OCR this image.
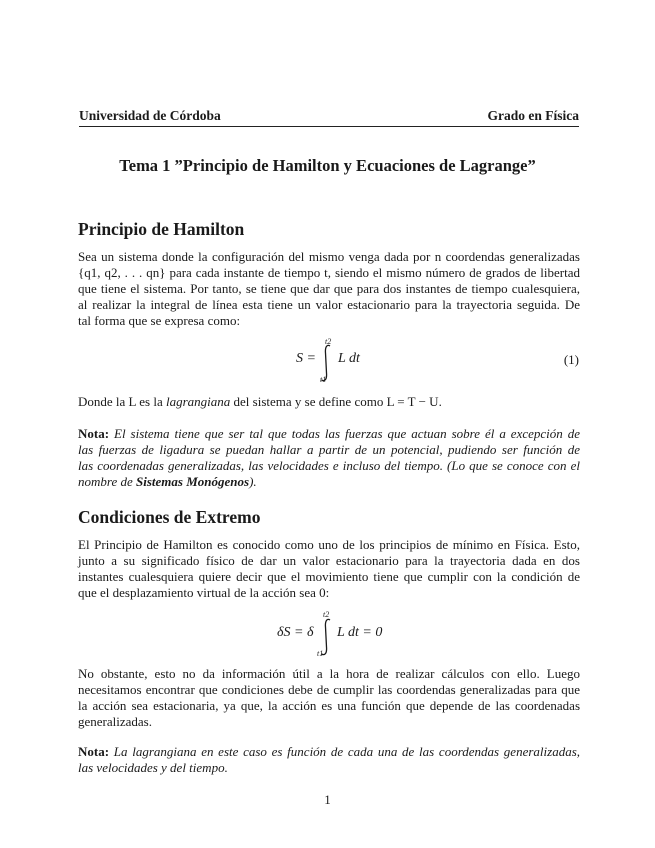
Universidad de Córdoba	Grado en Física
Tema 1 ”Principio de Hamilton y Ecuaciones de Lagrange”
Principio de Hamilton
Sea un sistema donde la configuración del mismo venga dada por n coordendas generalizadas
{q1, q2, . . . qn} para cada instante de tiempo t, siendo el mismo número de grados de libertad
que tiene el sistema. Por tanto, se tiene que dar que para dos instantes de tiempo cualesquiera,
al realizar la integral de línea esta tiene un valor estacionario para la trayectoria seguida. De
tal forma que se expresa como:
S =
t2
t1
L dt	(1)
Donde la L es la lagrangiana del sistema y se define como L = T − U.
Nota: El sistema tiene que ser tal que todas las fuerzas que actuan sobre él a excepción de
las fuerzas de ligadura se puedan hallar a partir de un potencial, pudiendo ser función de
las coordenadas generalizadas, las velocidades e incluso del tiempo. (Lo que se conoce con el
nombre de Sistemas Monógenos).
Condiciones de Extremo
El Principio de Hamilton es conocido como uno de los principios de mínimo en Física. Esto,
junto a su significado físico de dar un valor estacionario para la trayectoria dada en dos
instantes cualesquiera quiere decir que el movimiento tiene que cumplir con la condición de
que el desplazamiento virtual de la acción sea 0:
δS = δ
t2
t1
L dt = 0
No obstante, esto no da información útil a la hora de realizar cálculos con ello. Luego
necesitamos encontrar que condiciones debe de cumplir las coordendas generalizadas para que
la acción sea estacionaria, ya que, la acción es una función que depende de las coordenadas
generalizadas.
Nota: La lagrangiana en este caso es función de cada una de las coordendas generalizadas,
las velocidades y del tiempo.
1
